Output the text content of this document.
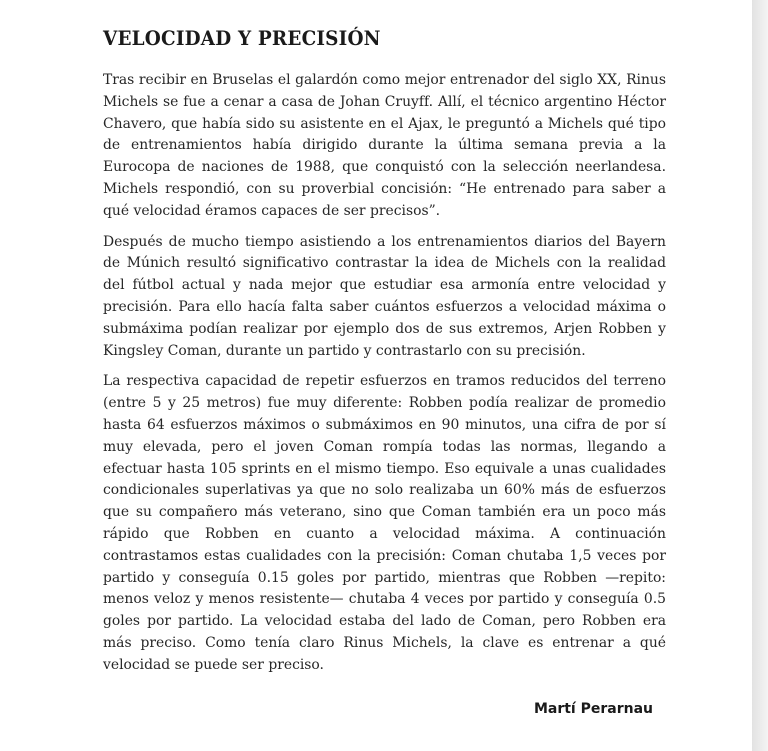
VELOCIDAD Y PRECISIÓN

Tras recibir en Bruselas el galardón como mejor entrenador del siglo XX, Rinus Michels se fue a cenar a casa de Johan Cruyff. Allí, el técnico argentino Héctor Chavero, que había sido su asistente en el Ajax, le preguntó a Michels qué tipo de entrenamientos había dirigido durante la última semana previa a la Eurocopa de naciones de 1988, que conquistó con la selección neerlandesa. Michels respondió, con su proverbial concisión: “He entrenado para saber a qué velocidad éramos capaces de ser precisos”.

Después de mucho tiempo asistiendo a los entrenamientos diarios del Bayern de Múnich resultó significativo contrastar la idea de Michels con la realidad del fútbol actual y nada mejor que estudiar esa armonía entre velocidad y precisión. Para ello hacía falta saber cuántos esfuerzos a velocidad máxima o submáxima podían realizar por ejemplo dos de sus extremos, Arjen Robben y Kingsley Coman, durante un partido y contrastarlo con su precisión.

La respectiva capacidad de repetir esfuerzos en tramos reducidos del terreno (entre 5 y 25 metros) fue muy diferente: Robben podía realizar de promedio hasta 64 esfuerzos máximos o submáximos en 90 minutos, una cifra de por sí muy elevada, pero el joven Coman rompía todas las normas, llegando a efectuar hasta 105 sprints en el mismo tiempo. Eso equivale a unas cualidades condicionales superlativas ya que no solo realizaba un 60% más de esfuerzos que su compañero más veterano, sino que Coman también era un poco más rápido que Robben en cuanto a velocidad máxima. A continuación contrastamos estas cualidades con la precisión: Coman chutaba 1,5 veces por partido y conseguía 0.15 goles por partido, mientras que Robben —repito: menos veloz y menos resistente— chutaba 4 veces por partido y conseguía 0.5 goles por partido. La velocidad estaba del lado de Coman, pero Robben era más preciso. Como tenía claro Rinus Michels, la clave es entrenar a qué velocidad se puede ser preciso.

Martí Perarnau
